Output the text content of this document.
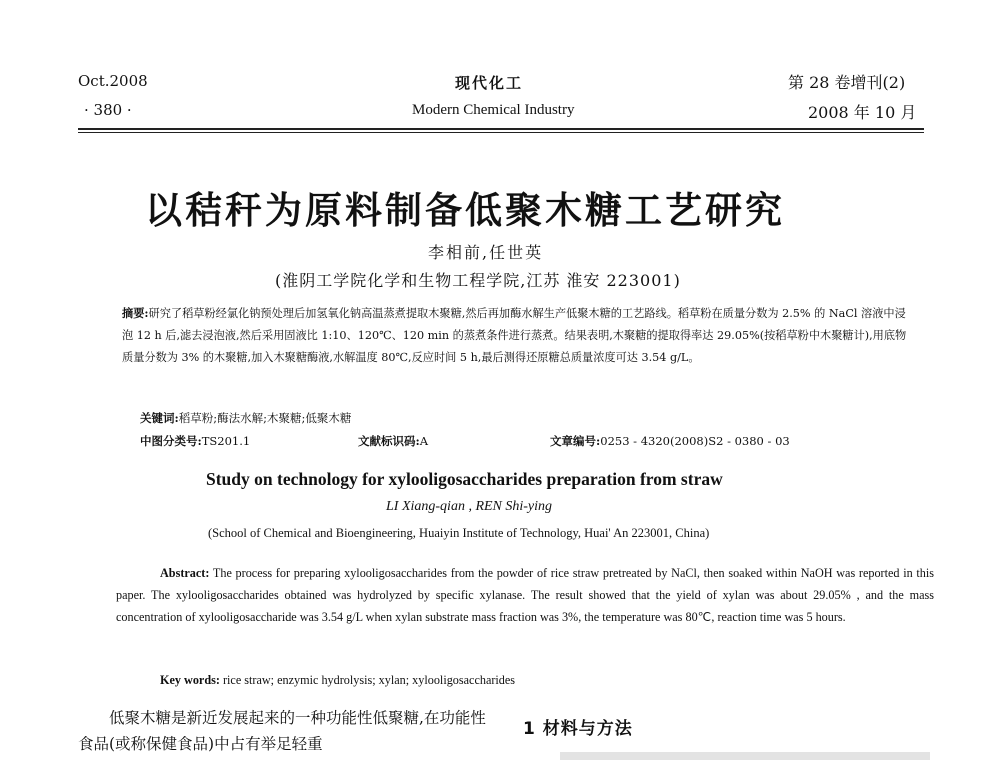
Oct.2008
· 380 ·
现代化工
Modern Chemical Industry
第 28 卷增刊(2)
2008 年 10 月
以秸秆为原料制备低聚木糖工艺研究
李相前,任世英
(淮阴工学院化学和生物工程学院,江苏 淮安 223001)
摘要:研究了稻草粉经氯化钠预处理后加氢氧化钠高温蒸煮提取木聚糖,然后再加酶水解生产低聚木糖的工艺路线。稻草粉在质量分数为 2.5% 的 NaCl 溶液中浸泡 12 h 后,滤去浸泡液,然后采用固液比 1:10、120℃、120 min 的蒸煮条件进行蒸煮。结果表明,木聚糖的提取得率达 29.05%(按稻草粉中木聚糖计),用底物质量分数为 3% 的木聚糖,加入木聚糖酶液,水解温度 80℃,反应时间 5 h,最后测得还原糖总质量浓度可达 3.54 g/L。
关键词:稻草粉;酶法水解;木聚糖;低聚木糖
中图分类号:TS201.1	文献标识码:A	文章编号:0253 - 4320(2008)S2 - 0380 - 03
Study on technology for xylooligosaccharides preparation from straw
LI Xiang-qian , REN Shi-ying
(School of Chemical and Bioengineering, Huaiyin Institute of Technology, Huai' An 223001, China)
Abstract: The process for preparing xylooligosaccharides from the powder of rice straw pretreated by NaCl, then soaked within NaOH was reported in this paper. The xylooligosaccharides obtained was hydrolyzed by specific xylanase. The result showed that the yield of xylan was about 29.05% , and the mass concentration of xylooligosaccharide was 3.54 g/L when xylan substrate mass fraction was 3%, the temperature was 80℃, reaction time was 5 hours.
Key words: rice straw; enzymic hydrolysis; xylan; xylooligosaccharides
低聚木糖是新近发展起来的一种功能性低聚糖,在功能性食品(或称保健食品)中占有举足轻重
1 材料与方法
